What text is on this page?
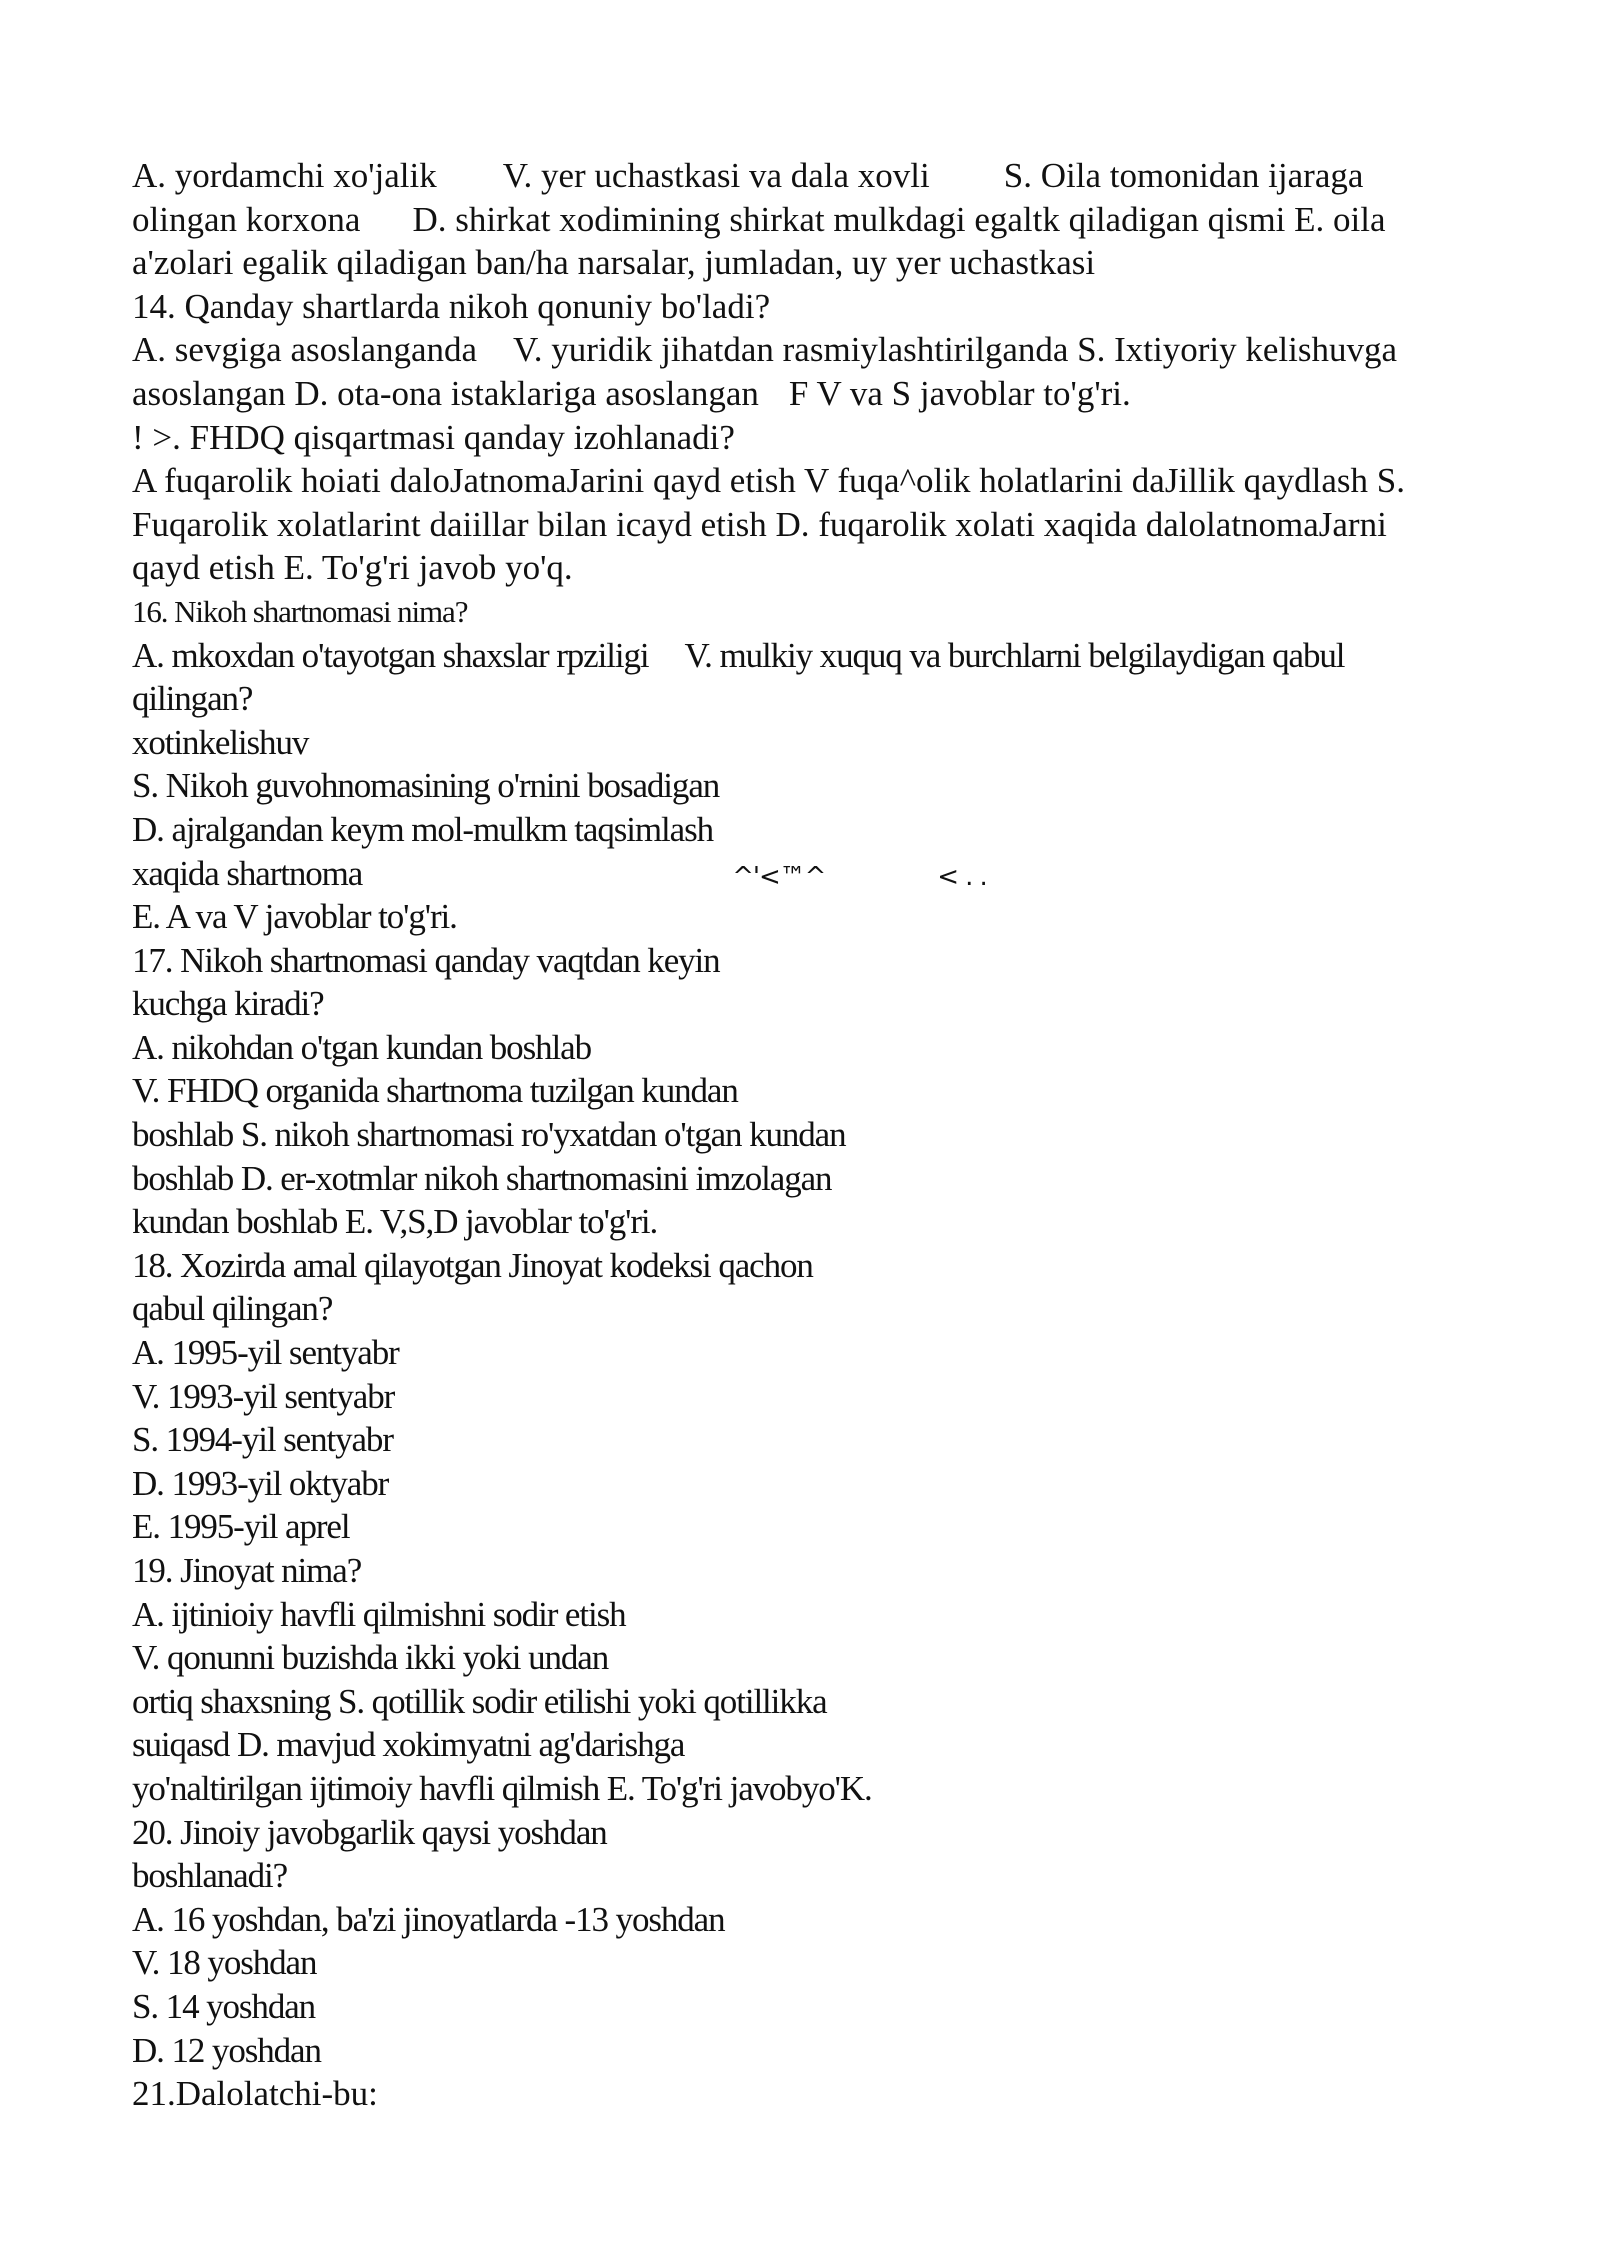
A. yordamchi xo'jalik V. yer uchastkasi va dala xovli S. Oila tomonidan ijaraga
olingan korxona D. shirkat xodimining shirkat mulkdagi egaltk qiladigan qismi E. oila
a'zolari egalik qiladigan ban/ha narsalar, jumladan, uy yer uchastkasi
14. Qanday shartlarda nikoh qonuniy bo'ladi?
A. sevgiga asoslanganda V. yuridik jihatdan rasmiylashtirilganda S. Ixtiyoriy kelishuvga
asoslangan D. ota-ona istaklariga asoslangan F V va S javoblar to'g'ri.
! >. FHDQ qisqartmasi qanday izohlanadi?
A fuqarolik hoiati daloJatnomaJarini qayd etish V fuqa^olik holatlarini daJillik qaydlash S.
Fuqarolik xolatlarint daiillar bilan icayd etish D. fuqarolik xolati xaqida dalolatnomaJarni
qayd etish E. To'g'ri javob yo'q.
16. Nikoh shartnomasi nima?
A. mkoxdan o'tayotgan shaxslar rpziligi V. mulkiy xuquq va burchlarni belgilaydigan qabul
qilingan?
xotinkelishuv
S. Nikoh guvohnomasining o'rnini bosadigan
D. ajralgandan keym mol-mulkm taqsimlash
xaqida shartnoma	^'<™^	< . .
E. A va V javoblar to'g'ri.
17. Nikoh shartnomasi qanday vaqtdan keyin
kuchga kiradi?
A. nikohdan o'tgan kundan boshlab
V. FHDQ organida shartnoma tuzilgan kundan
boshlab S. nikoh shartnomasi ro'yxatdan o'tgan kundan
boshlab D. er-xotmlar nikoh shartnomasini imzolagan
kundan boshlab E. V,S,D javoblar to'g'ri.
18. Xozirda amal qilayotgan Jinoyat kodeksi qachon
qabul qilingan?
A. 1995-yil sentyabr
V. 1993-yil sentyabr
S. 1994-yil sentyabr
D. 1993-yil oktyabr
E. 1995-yil aprel
19. Jinoyat nima?
A. ijtinioiy havfli qilmishni sodir etish
V. qonunni buzishda ikki yoki undan
ortiq shaxsning S. qotillik sodir etilishi yoki qotillikka
suiqasd D. mavjud xokimyatni ag'darishga
yo'naltirilgan ijtimoiy havfli qilmish E. To'g'ri javobyo'K.
20. Jinoiy javobgarlik qaysi yoshdan
boshlanadi?
A. 16 yoshdan, ba'zi jinoyatlarda -13 yoshdan
V. 18 yoshdan
S. 14 yoshdan
D. 12 yoshdan
21.Dalolatchi-bu:
